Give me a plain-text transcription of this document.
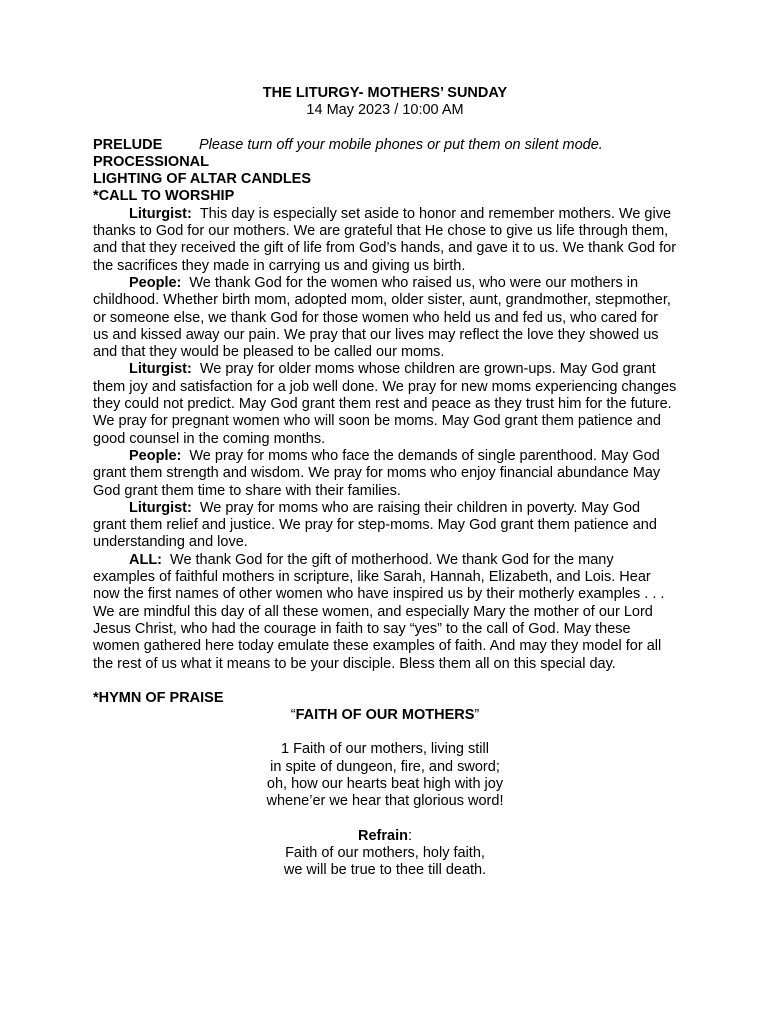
THE LITURGY- MOTHERS’ SUNDAY

14 May 2023 / 10:00 AM

PRELUDE	Please turn off your mobile phones or put them on silent mode.

PROCESSIONAL

LIGHTING OF ALTAR CANDLES

*CALL TO WORSHIP

Liturgist: This day is especially set aside to honor and remember mothers. We give thanks to God for our mothers. We are grateful that He chose to give us life through them, and that they received the gift of life from God’s hands, and gave it to us. We thank God for the sacrifices they made in carrying us and giving us birth.

People: We thank God for the women who raised us, who were our mothers in childhood. Whether birth mom, adopted mom, older sister, aunt, grandmother, stepmother, or someone else, we thank God for those women who held us and fed us, who cared for us and kissed away our pain. We pray that our lives may reflect the love they showed us and that they would be pleased to be called our moms.

Liturgist: We pray for older moms whose children are grown-ups. May God grant them joy and satisfaction for a job well done. We pray for new moms experiencing changes they could not predict. May God grant them rest and peace as they trust him for the future. We pray for pregnant women who will soon be moms. May God grant them patience and good counsel in the coming months.

People: We pray for moms who face the demands of single parenthood. May God grant them strength and wisdom. We pray for moms who enjoy financial abundance May God grant them time to share with their families.

Liturgist: We pray for moms who are raising their children in poverty. May God grant them relief and justice. We pray for step-moms. May God grant them patience and understanding and love.

ALL: We thank God for the gift of motherhood. We thank God for the many examples of faithful mothers in scripture, like Sarah, Hannah, Elizabeth, and Lois. Hear now the first names of other women who have inspired us by their motherly examples . . . We are mindful this day of all these women, and especially Mary the mother of our Lord Jesus Christ, who had the courage in faith to say “yes” to the call of God. May these women gathered here today emulate these examples of faith. And may they model for all the rest of us what it means to be your disciple. Bless them all on this special day.

*HYMN OF PRAISE

“FAITH OF OUR MOTHERS”

1 Faith of our mothers, living still

in spite of dungeon, fire, and sword;

oh, how our hearts beat high with joy

whene’er we hear that glorious word!

Refrain:

Faith of our mothers, holy faith,

we will be true to thee till death.
